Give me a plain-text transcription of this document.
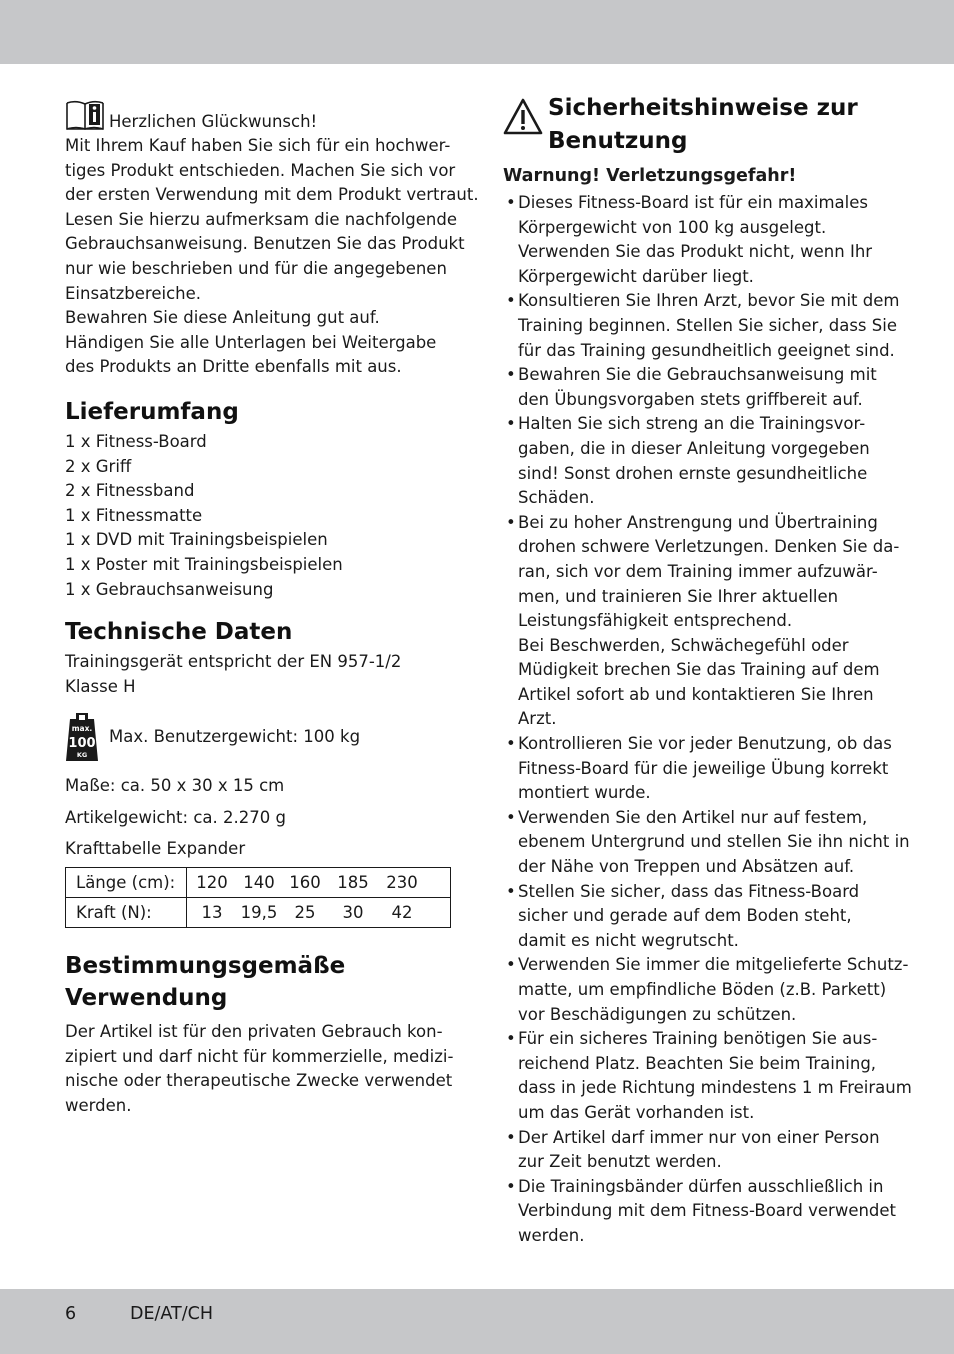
Herzlichen Glückwunsch!

Mit Ihrem Kauf haben Sie sich für ein hochwer-

tiges Produkt entschieden. Machen Sie sich vor

der ersten Verwendung mit dem Produkt vertraut.

Lesen Sie hierzu aufmerksam die nachfolgende

Gebrauchsanweisung. Benutzen Sie das Produkt

nur wie beschrieben und für die angegebenen

Einsatzbereiche.

Bewahren Sie diese Anleitung gut auf.

Händigen Sie alle Unterlagen bei Weitergabe

des Produkts an Dritte ebenfalls mit aus.

Lieferumfang

1 x Fitness-Board

2 x Griff

2 x Fitnessband

1 x Fitnessmatte

1 x DVD mit Trainingsbeispielen

1 x Poster mit Trainingsbeispielen

1 x Gebrauchsanweisung

Technische Daten

Trainingsgerät entspricht der EN 957-1/2

Klasse H

max.
100
KG

Max. Benutzergewicht: 100 kg

Maße: ca. 50 x 30 x 15 cm

Artikelgewicht: ca. 2.270 g

Krafttabelle Expander

Länge (cm):	120 140 160 185 230
Kraft (N):	13 19,5 25 30 42
Bestimmungsgemäße
Verwendung

Der Artikel ist für den privaten Gebrauch kon-

zipiert und darf nicht für kommerzielle, medizi-

nische oder therapeutische Zwecke verwendet

werden.

Sicherheitshinweise zur
Benutzung

Warnung! Verletzungsgefahr!

• Dieses Fitness-Board ist für ein maximales

Körpergewicht von 100 kg ausgelegt.

Verwenden Sie das Produkt nicht, wenn Ihr

Körpergewicht darüber liegt.

• Konsultieren Sie Ihren Arzt, bevor Sie mit dem

Training beginnen. Stellen Sie sicher, dass Sie

für das Training gesundheitlich geeignet sind.

• Bewahren Sie die Gebrauchsanweisung mit

den Übungsvorgaben stets griffbereit auf.

• Halten Sie sich streng an die Trainingsvor-

gaben, die in dieser Anleitung vorgegeben

sind! Sonst drohen ernste gesundheitliche

Schäden.

• Bei zu hoher Anstrengung und Übertraining

drohen schwere Verletzungen. Denken Sie da-

ran, sich vor dem Training immer aufzuwär-

men, und trainieren Sie Ihrer aktuellen

Leistungsfähigkeit entsprechend.

Bei Beschwerden, Schwächegefühl oder

Müdigkeit brechen Sie das Training auf dem

Artikel sofort ab und kontaktieren Sie Ihren

Arzt.

• Kontrollieren Sie vor jeder Benutzung, ob das

Fitness-Board für die jeweilige Übung korrekt

montiert wurde.

• Verwenden Sie den Artikel nur auf festem,

ebenem Untergrund und stellen Sie ihn nicht in

der Nähe von Treppen und Absätzen auf.

• Stellen Sie sicher, dass das Fitness-Board

sicher und gerade auf dem Boden steht,

damit es nicht wegrutscht.

• Verwenden Sie immer die mitgelieferte Schutz-

matte, um empfindliche Böden (z.B. Parkett)

vor Beschädigungen zu schützen.

• Für ein sicheres Training benötigen Sie aus-

reichend Platz. Beachten Sie beim Training,

dass in jede Richtung mindestens 1 m Freiraum

um das Gerät vorhanden ist.

• Der Artikel darf immer nur von einer Person

zur Zeit benutzt werden.

• Die Trainingsbänder dürfen ausschließlich in

Verbindung mit dem Fitness-Board verwendet

werden.

6	DE/AT/CH
